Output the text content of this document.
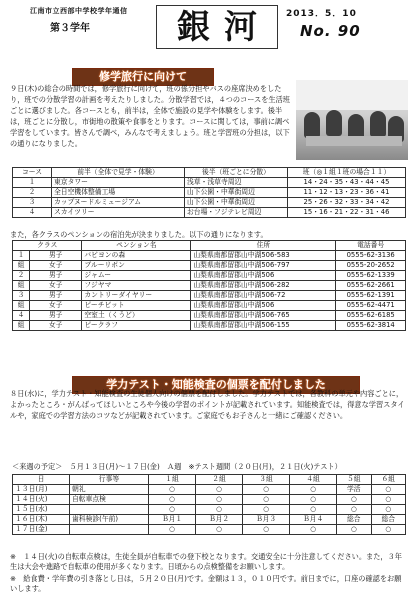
江南市立西部中学校学年通信
第３学年	銀河	2013．5．10
No. 90
修学旅行に向けて
９日(木)の総合の時間では，修学旅行に向けて，班の係分担やバスの座席決めをしたり，班での分散学習の計画を考えたりしました。分散学習では，４つのコースを生活班ごとに選びました。各コースとも，前半は，全体で施設の見学や体験をします。後半は，班ごとに分散し，市街地の散策や食事をとります。コースに関しては，事前に調べ学習をしています。皆さんで調べ，みんなで考えましょう。班と学習班の分担は，以下の通りになりました。
コース	前半（全体で見学・体験）	後半（班ごとに分散）	班（◎１組１班の場合１１）
１	東京タワー	浅草・浅草寺周辺	14・24・35・43・44・45
２	全日空機体整備工場	山下公園・中華街周辺	11・12・13・23・36・41
３	カップヌードルミュージアム	山下公園・中華街周辺	25・26・32・33・34・42
４	スカイツリー	お台場・フジテレビ周辺	15・16・21・22・31・46
また，各クラスのペンションの宿泊先が決まりました。以下の通りになります。
クラス		ペンション名	住所	電話番号
１	男子	バビヨンの森	山梨県南都留郡山中湖506-583	0555-62-3136
組	女子	ブルーリボン	山梨県南都留郡山中湖506-797	0555-20-2652
２	男子	ジャムー	山梨県南都留郡山中湖506	0555-62-1339
組	女子	フジヤマ	山梨県南都留郡山中湖506-282	0555-62-2661
３	男子	カントリーダイヤリー	山梨県南都留郡山中湖506-72	0555-62-1391
組	女子	ピーチビット	山梨県南都留郡山中湖506	0555-62-4471
４	男子	空室土（くうど）	山梨県南都留郡山中湖506-765	0555-62-6185
組	女子	ピークラフ	山梨県南都留郡山中湖506-155	0555-62-3814
学力テスト・知能検査の個票を配付しました
８日(水)に，学力テスト・知能検査の生徒個人向けの個票を配付しました。学力テストでは，各教科の単元や内容ごとに，よかったところ・がんばってほしいところや今後の学習のポイントが記載されています。知能検査では，得意な学習スタイルや，家庭での学習方法のコツなどが記載されています。ご家庭でもお子さんと一緒にご確認ください。
＜来週の予定＞　５月１３日(月)～１７日(金)　Ａ週　※テスト週間（２０日(月)，２１日(火)テスト）
日	行事等	１組	２組	３組	４組	５組	６組
１３日(月)	朝礼	○	○	○	○	学活	○
１４日(火)	自転車点検	○	○	○	○	○	○
１５日(水)		○	○	○	○	○	○
１６日(木)	歯科検診(午前)	Ｂ月１	Ｂ月２	Ｂ月３	Ｂ月４	総合	総合
１７日(金)		○	○	○	○	○	○
※　１４日(火)の自転車点検は，生徒全員が自転車での登下校となります。交通安全に十分注意してください。また，３年生は大会や進路で自転車の使用が多くなります。日頃からの点検整備をお願いします。
※　給食費・学年費の引き落とし日は，５月２０日(月)です。金額は１３，０１０円です。前日までに，口座の確認をお願いします。
